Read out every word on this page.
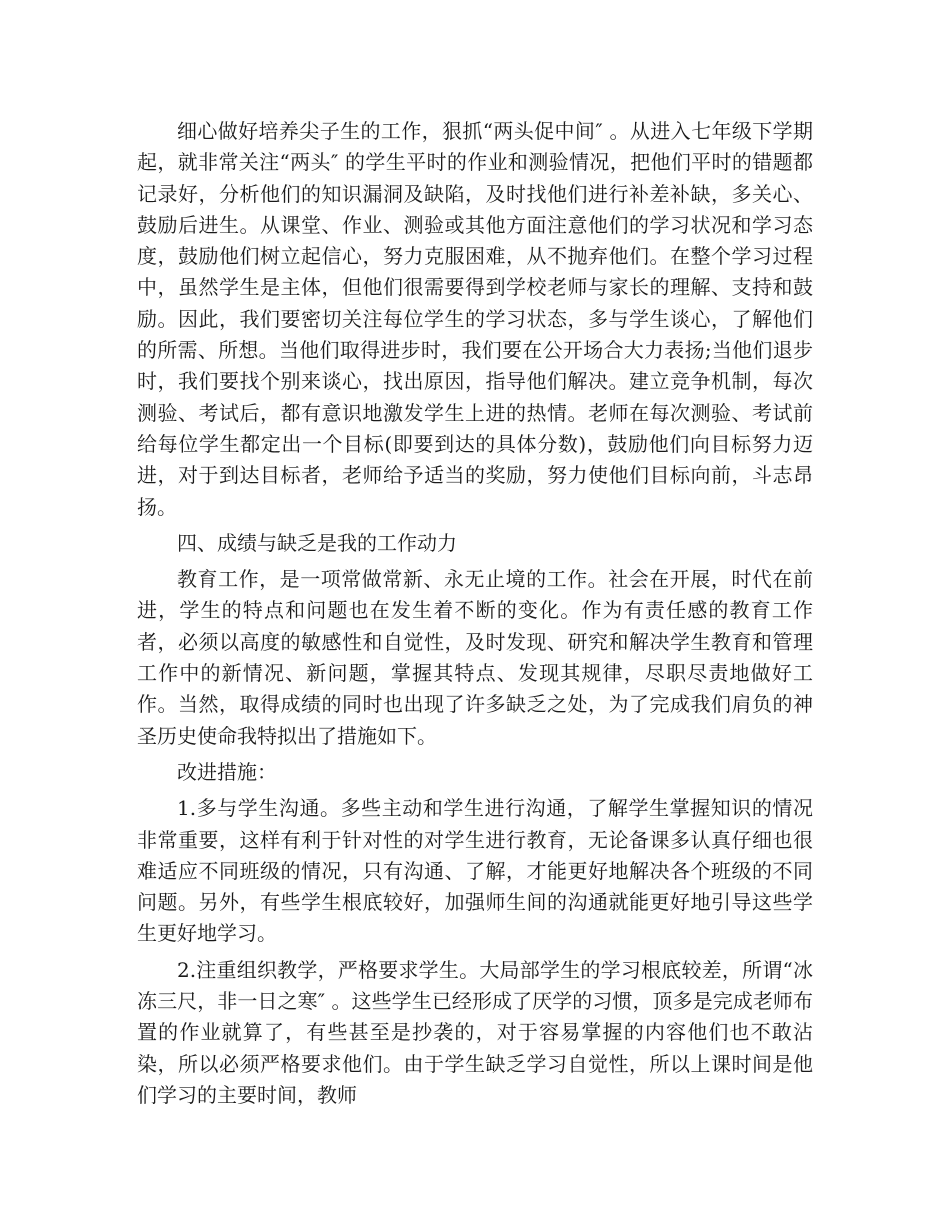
细心做好培养尖子生的工作，狠抓“两头促中间″ 。从进入七年级下学期起，就非常关注“两头″ 的学生平时的作业和测验情况，把他们平时的错题都记录好，分析他们的知识漏洞及缺陷，及时找他们进行补差补缺，多关心、鼓励后进生。从课堂、作业、测验或其他方面注意他们的学习状况和学习态度，鼓励他们树立起信心，努力克服困难，从不抛弃他们。在整个学习过程中，虽然学生是主体，但他们很需要得到学校老师与家长的理解、支持和鼓励。因此，我们要密切关注每位学生的学习状态，多与学生谈心，了解他们的所需、所想。当他们取得进步时，我们要在公开场合大力表扬;当他们退步时，我们要找个别来谈心，找出原因，指导他们解决。建立竞争机制，每次测验、考试后，都有意识地激发学生上进的热情。老师在每次测验、考试前给每位学生都定出一个目标(即要到达的具体分数)，鼓励他们向目标努力迈进，对于到达目标者，老师给予适当的奖励，努力使他们目标向前，斗志昂扬。

四、成绩与缺乏是我的工作动力

教育工作，是一项常做常新、永无止境的工作。社会在开展，时代在前进，学生的特点和问题也在发生着不断的变化。作为有责任感的教育工作者，必须以高度的敏感性和自觉性，及时发现、研究和解决学生教育和管理工作中的新情况、新问题，掌握其特点、发现其规律，尽职尽责地做好工作。当然，取得成绩的同时也出现了许多缺乏之处，为了完成我们肩负的神圣历史使命我特拟出了措施如下。

改进措施：

1.多与学生沟通。多些主动和学生进行沟通，了解学生掌握知识的情况非常重要，这样有利于针对性的对学生进行教育，无论备课多认真仔细也很难适应不同班级的情况，只有沟通、了解，才能更好地解决各个班级的不同问题。另外，有些学生根底较好，加强师生间的沟通就能更好地引导这些学生更好地学习。

2.注重组织教学，严格要求学生。大局部学生的学习根底较差，所谓“冰冻三尺，非一日之寒″ 。这些学生已经形成了厌学的习惯，顶多是完成老师布置的作业就算了，有些甚至是抄袭的，对于容易掌握的内容他们也不敢沾染，所以必须严格要求他们。由于学生缺乏学习自觉性，所以上课时间是他们学习的主要时间，教师
